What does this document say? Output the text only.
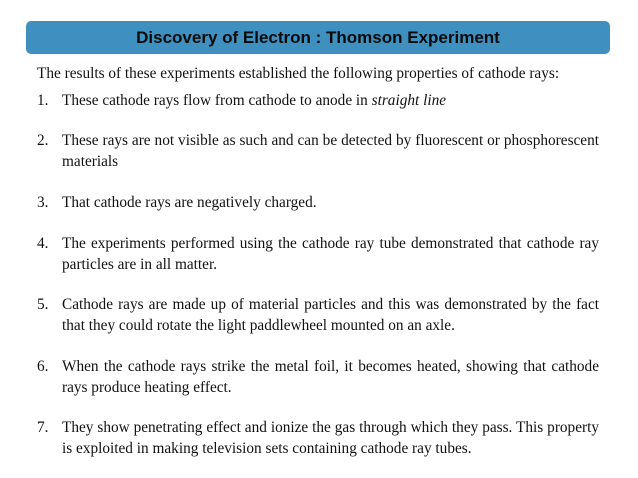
Discovery of Electron : Thomson Experiment
The results of these experiments established the following properties of cathode rays:
1. These cathode rays flow from cathode to anode in straight line
2. These rays are not visible as such and can be detected by fluorescent or phosphorescent materials
3. That cathode rays are negatively charged.
4. The experiments performed using the cathode ray tube demonstrated that cathode ray particles are in all matter.
5. Cathode rays are made up of material particles and this was demonstrated by the fact that they could rotate the light paddlewheel mounted on an axle.
6. When the cathode rays strike the metal foil, it becomes heated, showing that cathode rays produce heating effect.
7. They show penetrating effect and ionize the gas through which they pass. This property is exploited in making television sets containing cathode ray tubes.
